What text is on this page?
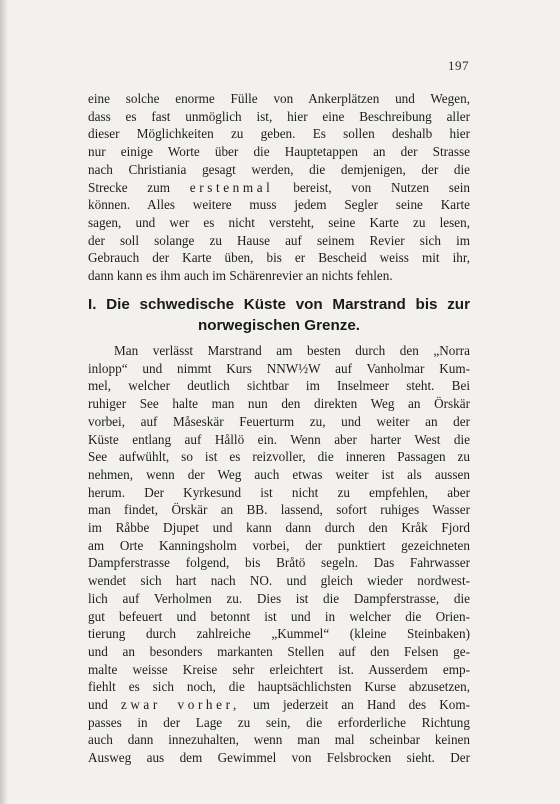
197
eine solche enorme Fülle von Ankerplätzen und Wegen,
dass es fast unmöglich ist, hier eine Beschreibung aller
dieser Möglichkeiten zu geben. Es sollen deshalb hier
nur einige Worte über die Hauptetappen an der Strasse
nach Christiania gesagt werden, die demjenigen, der die
Strecke zum erstenmal bereist, von Nutzen sein
können. Alles weitere muss jedem Segler seine Karte
sagen, und wer es nicht versteht, seine Karte zu lesen,
der soll solange zu Hause auf seinem Revier sich im
Gebrauch der Karte üben, bis er Bescheid weiss mit ihr,
dann kann es ihm auch im Schärenrevier an nichts fehlen.
I. Die schwedische Küste von Marstrand bis zur
norwegischen Grenze.
Man verlässt Marstrand am besten durch den „Norra
inlopp“ und nimmt Kurs NNW½W auf Vanholmar Kum-
mel, welcher deutlich sichtbar im Inselmeer steht. Bei
ruhiger See halte man nun den direkten Weg an Örskär
vorbei, auf Måseskär Feuerturm zu, und weiter an der
Küste entlang auf Hållö ein. Wenn aber harter West die
See aufwühlt, so ist es reizvoller, die inneren Passagen zu
nehmen, wenn der Weg auch etwas weiter ist als aussen
herum. Der Kyrkesund ist nicht zu empfehlen, aber
man findet, Örskär an BB. lassend, sofort ruhiges Wasser
im Råbbe Djupet und kann dann durch den Kråk Fjord
am Orte Kanningsholm vorbei, der punktiert gezeichneten
Dampferstrasse folgend, bis Bråtö segeln. Das Fahrwasser
wendet sich hart nach NO. und gleich wieder nordwest-
lich auf Verholmen zu. Dies ist die Dampferstrasse, die
gut befeuert und betonnt ist und in welcher die Orien-
tierung durch zahlreiche „Kummel“ (kleine Steinbaken)
und an besonders markanten Stellen auf den Felsen ge-
malte weisse Kreise sehr erleichtert ist. Ausserdem emp-
fiehlt es sich noch, die hauptsächlichsten Kurse abzusetzen,
und zwar vorher, um jederzeit an Hand des Kom-
passes in der Lage zu sein, die erforderliche Richtung
auch dann innezuhalten, wenn man mal scheinbar keinen
Ausweg aus dem Gewimmel von Felsbrocken sieht. Der
